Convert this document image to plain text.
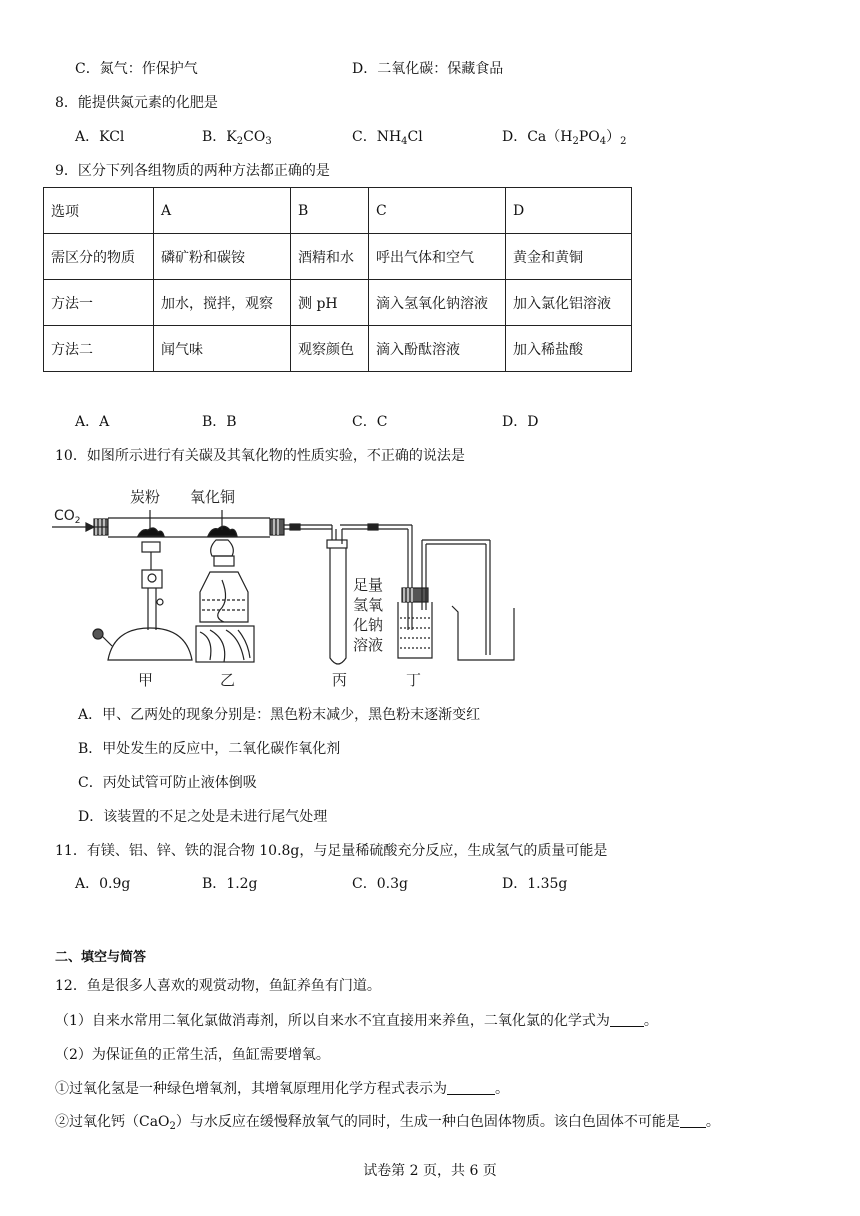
C．氮气：作保护气	D．二氧化碳：保藏食品
8．能提供氮元素的化肥是
A．KCl	B．$K_2CO_3$	C．$NH_4Cl$	D．$Ca(H_2PO_4)_2$
9．区分下列各组物质的两种方法都正确的是
选项	A	B	C	D
需区分的物质	磷矿粉和碳铵	酒精和水	呼出气体和空气	黄金和黄铜
方法一	加水，搅拌，观察	测 pH	滴入氢氧化钠溶液	加入氯化铝溶液
方法二	闻气味	观察颜色	滴入酚酞溶液	加入稀盐酸
A．A	B．B	C．C	D．D
10．如图所示进行有关碳及其氧化物的性质实验，不正确的说法是
$CO_2$
炭粉 氧化铜
甲	乙	丙	丁
足量
氢氧
化钠
溶液
A．甲、乙两处的现象分别是：黑色粉末减少，黑色粉末逐渐变红
B．甲处发生的反应中，二氧化碳作氧化剂
C．丙处试管可防止液体倒吸
D．该装置的不足之处是未进行尾气处理
11．有镁、铝、锌、铁的混合物 10.8g，与足量稀硫酸充分反应，生成氢气的质量可能是
A．0.9g	B．1.2g	C．0.3g	D．1.35g
二、填空与简答
12．鱼是很多人喜欢的观赏动物，鱼缸养鱼有门道。
（1）自来水常用二氧化氯做消毒剂，所以自来水不宜直接用来养鱼，二氧化氯的化学式为 。
（2）为保证鱼的正常生活，鱼缸需要增氧。
①过氧化氢是一种绿色增氧剂，其增氧原理用化学方程式表示为	。
②过氧化钙（CaO$_2$）与水反应在缓慢释放氧气的同时，生成一种白色固体物质。该白色固体不可能是 。
试卷第 2 页，共 6 页
